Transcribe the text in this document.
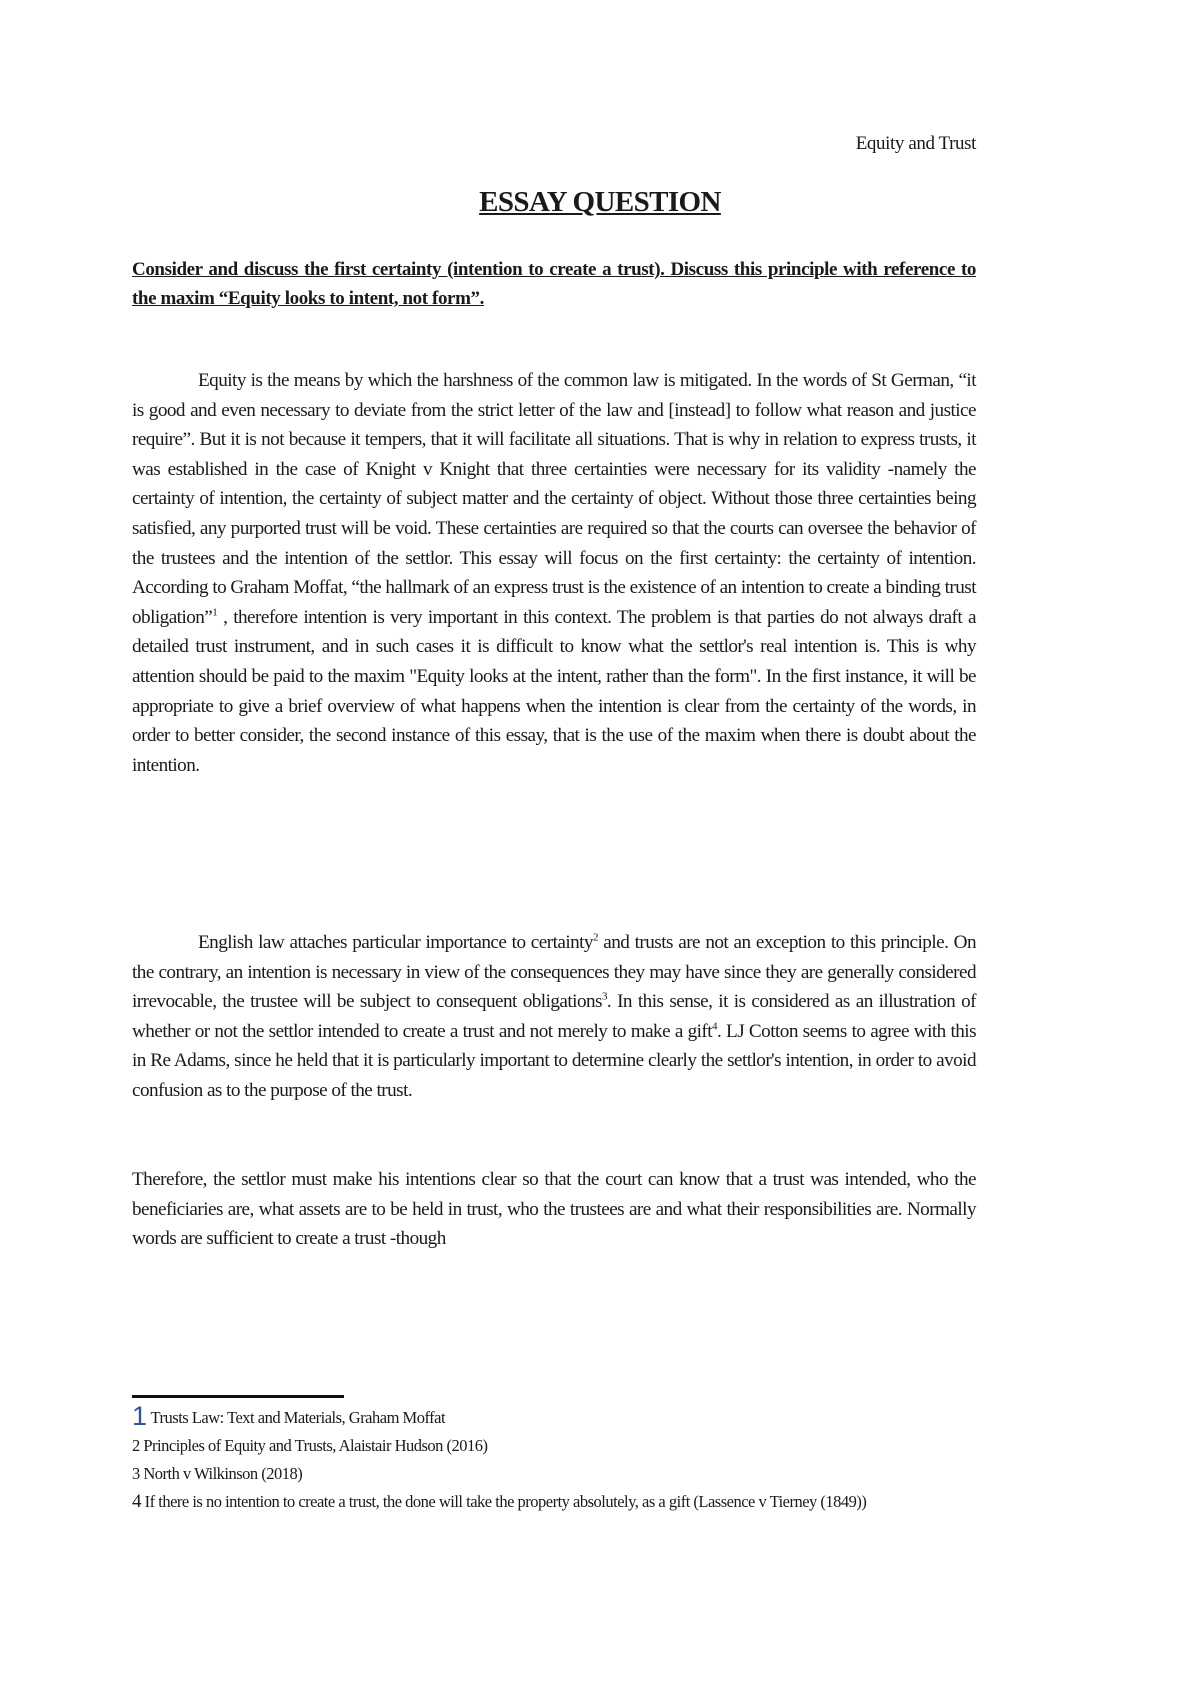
Equity and Trust
ESSAY QUESTION
Consider and discuss the first certainty (intention to create a trust). Discuss this principle with reference to the maxim “Equity looks to intent, not form”.

Equity is the means by which the harshness of the common law is mitigated. In the words of St German, “it is good and even necessary to deviate from the strict letter of the law and [instead] to follow what reason and justice require”. But it is not because it tempers, that it will facilitate all situations. That is why in relation to express trusts, it was established in the case of Knight v Knight that three certainties were necessary for its validity -namely the certainty of intention, the certainty of subject matter and the certainty of object. Without those three certainties being satisfied, any purported trust will be void. These certainties are required so that the courts can oversee the behavior of the trustees and the intention of the settlor. This essay will focus on the first certainty: the certainty of intention. According to Graham Moffat, “the hallmark of an express trust is the existence of an intention to create a binding trust obligation”$^1$ , therefore intention is very important in this context. The problem is that parties do not always draft a detailed trust instrument, and in such cases it is difficult to know what the settlor's real intention is. This is why attention should be paid to the maxim "Equity looks at the intent, rather than the form". In the first instance, it will be appropriate to give a brief overview of what happens when the intention is clear from the certainty of the words, in order to better consider, the second instance of this essay, that is the use of the maxim when there is doubt about the intention.

English law attaches particular importance to certainty$^2$ and trusts are not an exception to this principle. On the contrary, an intention is necessary in view of the consequences they may have since they are generally considered irrevocable, the trustee will be subject to consequent obligations$^3$. In this sense, it is considered as an illustration of whether or not the settlor intended to create a trust and not merely to make a gift$^4$. LJ Cotton seems to agree with this in Re Adams, since he held that it is particularly important to determine clearly the settlor's intention, in order to avoid confusion as to the purpose of the trust.

Therefore, the settlor must make his intentions clear so that the court can know that a trust was intended, who the beneficiaries are, what assets are to be held in trust, who the trustees are and what their responsibilities are. Normally words are sufficient to create a trust -though

1 Trusts Law: Text and Materials, Graham Moffat

2 Principles of Equity and Trusts, Alaistair Hudson (2016)

3 North v Wilkinson (2018)

4 If there is no intention to create a trust, the done will take the property absolutely, as a gift (Lassence v Tierney (1849))
